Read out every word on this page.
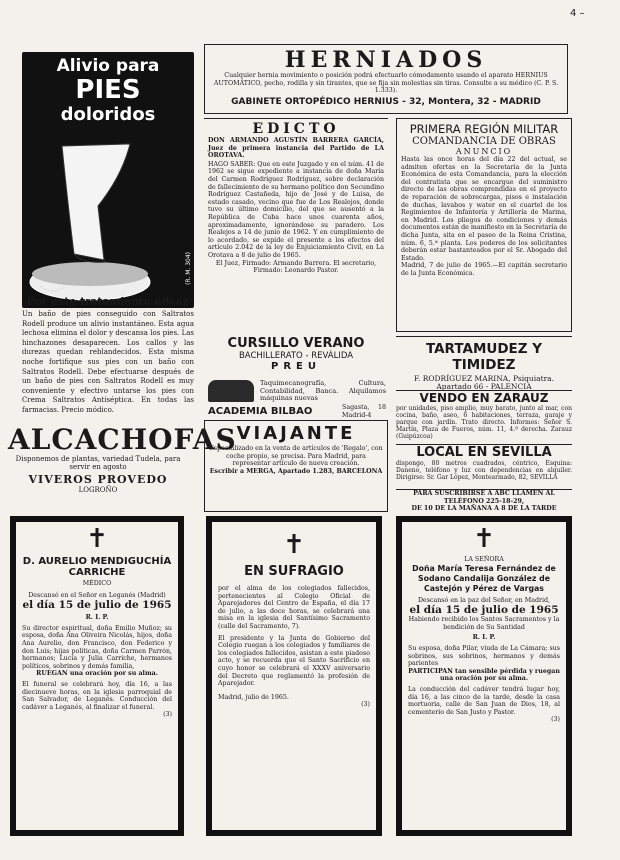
4 –
Alivio para
PIES
doloridos
(R. M. 304)
Por este tratamiento eficaz
Un baño de pies conseguido con Saltratos Rodell produce un alivio instantáneo. Esta agua lechosa elimina el dolor y descansa los pies. Las hinchazones desaparecen. Los callos y las durezas quedan reblandecidos. Esta misma noche fortifique sus pies con un baño con Saltratos Rodell. Debe efectuarse después de un baño de pies con Saltratos Rodell es muy conveniente y efectivo untarse los pies con Crema Saltratos Antiséptica. En todas las farmacias. Precio módico.
ALCACHOFAS
Disponemos de plantas, variedad Tudela, para servir en agosto
VIVEROS PROVEDO
LOGROÑO
HERNIADOS
Cualquier hernia movimiento o posición podrá efectuarlo cómodamente usando el aparato HERNIUS AUTOMÁTICO, pecho, rodilla y sin tirantes, que se fija sin molestias sin tiras. Consulte a su médico (C. P. S. 1.333).
GABINETE ORTOPÉDICO HERNIUS - 32, Montera, 32 - MADRID
EDICTO
DON ARMANDO AGUSTÍN BARRERA GARCÍA, Juez de primera instancia del Partido de LA OROTAVA.
HAGO SABER: Que en este Juzgado y en el núm. 41 de 1962 se sigue expediente a instancia de doña María del Carmen Rodríguez Rodríguez, sobre declaración de fallecimiento de su hermano político don Secundino Rodríguez Castañeda, hijo de José y de Luisa, de estado casado, vecino que fue de Los Realejos, donde tuvo su último domicilio, del que se ausentó a la República de Cuba hace unos cuarenta años, aproximadamente, ignorándose su paradero. Los Realejos a 14 de junio de 1962. Y en cumplimiento de lo acordado, se expide el presente a los efectos del artículo 2.042 de la ley de Enjuiciamiento Civil, en La Orotava a 8 de julio de 1965.
El Juez, Firmado: Armando Barrera. El secretario, Firmado: Leonardo Pastor.
PRIMERA REGIÓN MILITAR
COMANDANCIA DE OBRAS
ANUNCIO
Hasta las once horas del día 22 del actual, se admiten ofertas en la Secretaría de la Junta Económica de esta Comandancia, para la elección del contratista que se encargue del suministro directo de las obras comprendidas en el proyecto de reparación de sobrecargas, pisos e instalación de duchas, lavabos y water en el cuartel de los Regimientos de Infantería y Artillería de Marina, en Madrid. Los pliegos de condiciones y demás documentos están de manifiesto en la Secretaría de dicha Junta, sita en el paseo de la Reina Cristina, núm. 6, 5.ª planta. Los poderes de los solicitantes deberán estar bastanteados por el Sr. Abogado del Estado.
Madrid, 7 de julio de 1965.—El capitán secretario de la Junta Económica.
CURSILLO VERANO
BACHILLERATO - REVÁLIDA
PREU
Taquimecanografía, Cultura, Contabilidad, Banca. Alquilamos máquinas nuevas
ACADEMIA BILBAO	Sagasta, 18 Madrid-4
TARTAMUDEZ Y TIMIDEZ
F. RODRÍGUEZ MARINA, Psiquiatra.
Apartado 66 - PALENCIA
VENDO EN ZARAUZ
por unidades, piso amplio, muy barato, junto al mar, con cocina, baño, aseo, 6 habitaciones, terraza, garaje y parque con jardín. Trato directo. Informes: Señor S. Martín, Plaza de Fueros, núm. 11, 4.º derecha. Zarauz (Guipúzcoa)
VIAJANTE
Especializado en la venta de artículos de 'Regalo', con coche propio, se precisa. Para Madrid, para representar artículo de nueva creación.
Escribir a MERGA, Apartado 1.283, BARCELONA
LOCAL EN SEVILLA
dispongo, 80 metros cuadrados, céntrico, Esquina: Daneno, teléfono y luz con dependencias en alquiler. Dirigirse: Sr. Gar López, Montearmado, 82, SEVILLA
PARA SUSCRIBIRSE A ABC LLAMEN AL TELÉFONO 225-18-29,
DE 10 DE LA MAÑANA A 8 DE LA TARDE
✝
D. AURELIO MENDIGUCHÍA
CARRICHE
MÉDICO
Descansó en el Señor en Leganés (Madrid)
el día 15 de julio de 1965
R. I. P.
Su director espiritual, doña Emilio Muñoz; su esposa, doña Ana Oliveira Nicolás, hijos, doña Ana Aurelio, don Francisco, don Federico y don Luis; hijas políticas, doña Carmen Parrón, hermanos; Lucía y Julia Carriche, hermanos políticos, sobrinos y demás familia,
RUEGAN una oración por su alma.
El funeral se celebrará hoy, día 16, a las diecinueve horas, en la iglesia parroquial de San Salvador, de Leganés. Conducción del cadáver a Leganés, al finalizar el funeral.
(3)
✝
EN SUFRAGIO
por el alma de los colegiados fallecidos, pertenecientes al Colegio Oficial de Aparejadores del Centro de España, el día 17 de julio, a las doce horas, se celebrará una misa en la iglesia del Santísimo Sacramento (calle del Sacramento, 7).
El presidente y la Junta de Gobierno del Colegio ruegan a los colegiados y familiares de los colegiados fallecidos, asistan a este piadoso acto, y se recuerda que el Santo Sacrificio en cuyo honor se celebrará el XXXV aniversario del Decreto que reglamentó la profesión de Aparejador.
Madrid, julio de 1965.
(3)
✝
LA SEÑORA
Doña María Teresa Fernández de Sodano Candalija González de Castejón y Pérez de Vargas
Descansó en la paz del Señor, en Madrid,
el día 15 de julio de 1965
Habiendo recibido los Santos Sacramentos y la bendición de Su Santidad
R. I. P.
Su esposa, doña Pilar, viuda de La Cámara; sus sobrinos, sus sobrinos, hermanos y demás parientes
PARTICIPAN tan sensible pérdida y ruegan una oración por su alma.
La conducción del cadáver tendrá lugar hoy, día 16, a las cinco de la tarde, desde la casa mortuoria, calle de San Juan de Dios, 18, al cementerio de San Justo y Pastor.
(3)
